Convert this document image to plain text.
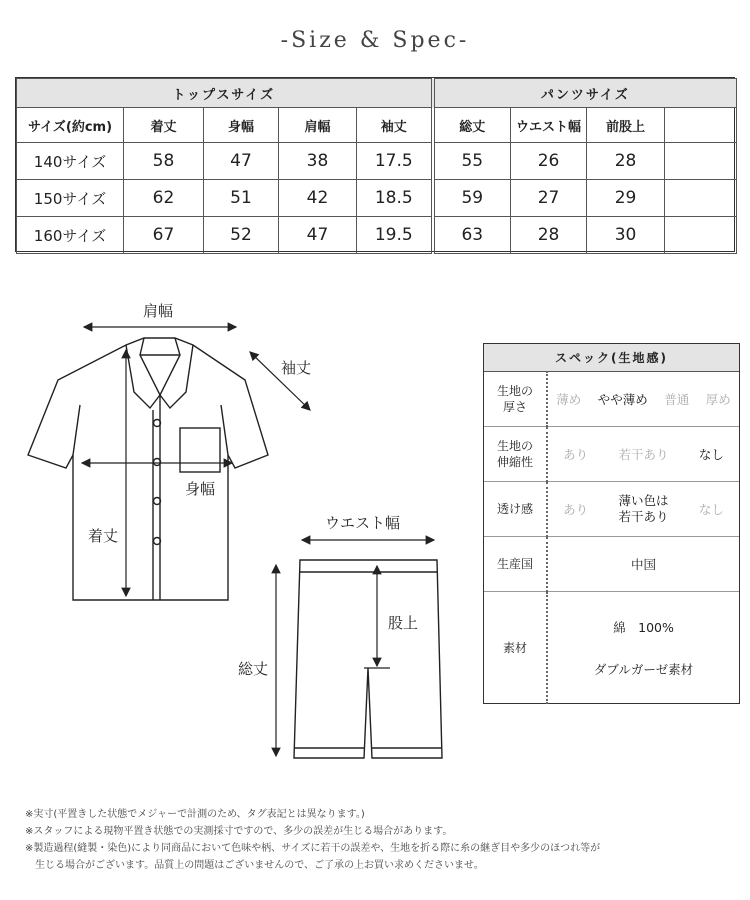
-Size & Spec-
トップスサイズ					パンツサイズ			
サイズ(約cm)	着丈	身幅	肩幅	袖丈	総丈	ウエスト幅	前股上	
140サイズ	58	47	38	17.5	55	26	28	
150サイズ	62	51	42	18.5	59	27	29	
160サイズ	67	52	47	19.5	63	28	30	
肩幅
袖丈
身幅
着丈
ウエスト幅
股上
総丈
スペック(生地感)	
生地の
厚さ	薄め やや薄め 普通 厚め

生地の
伸縮性	あり 若干あり なし

透け感	あり
薄い色は
若干あり なし

生産国	中国
素材	綿　100%
ダブルガーゼ素材
※実寸(平置きした状態でメジャーで計測のため、タグ表記とは異なります。)
※スタッフによる現物平置き状態での実測採寸ですので、多少の誤差が生じる場合があります。
※製造過程(縫製・染色)により同商品において色味や柄、サイズに若干の誤差や、生地を折る際に糸の継ぎ目や多少のほつれ等が
　生じる場合がございます。品質上の問題はございませんので、ご了承の上お買い求めくださいませ。
